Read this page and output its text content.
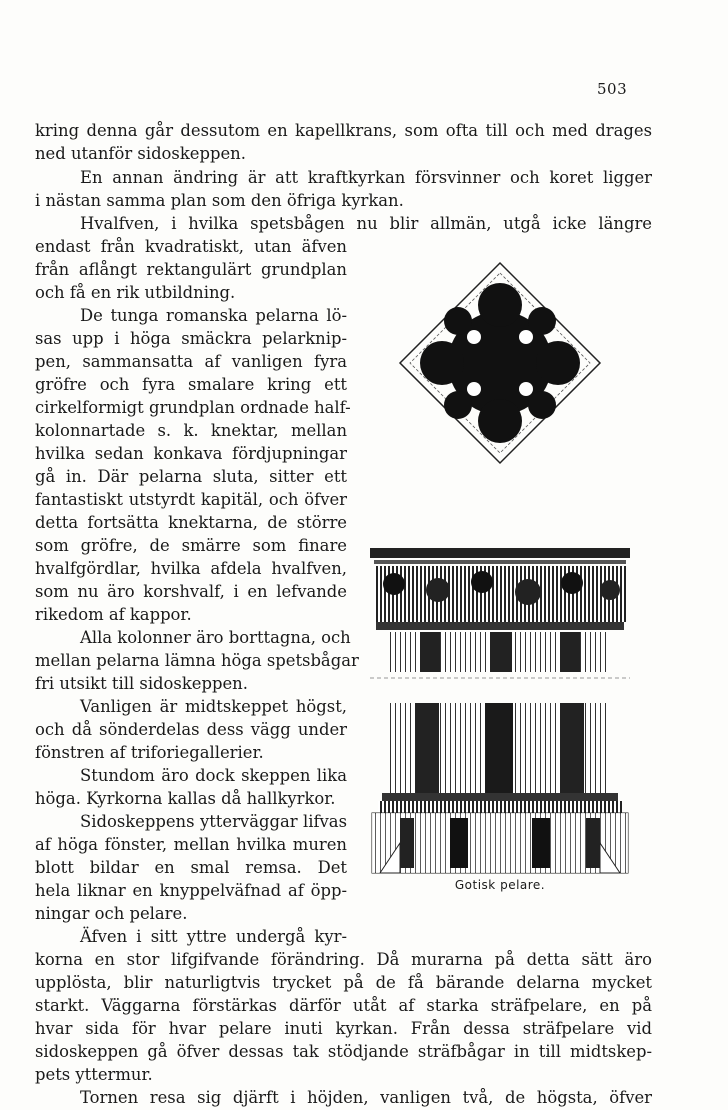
503
kring denna går dessutom en kapellkrans, som ofta till och med drages
ned utanför sidoskeppen.
En annan ändring är att kraftkyrkan försvinner och koret ligger
i nästan samma plan som den öfriga kyrkan.
Hvalfven, i hvilka spetsbågen nu blir allmän, utgå icke längre
endast från kvadratiskt, utan äfven
från aflångt rektangulärt grundplan
och få en rik utbildning.
De tunga romanska pelarna lö-
sas upp i höga smäckra pelarknip-
pen, sammansatta af vanligen fyra
gröfre och fyra smalare kring ett
cirkelformigt grundplan ordnade half-
kolonnartade s. k. knektar, mellan
hvilka sedan konkava fördjupningar
gå in. Där pelarna sluta, sitter ett
fantastiskt utstyrdt kapitäl, och öfver
detta fortsätta knektarna, de större
som gröfre, de smärre som finare
hvalfgördlar, hvilka afdela hvalfven,
som nu äro korshvalf, i en lefvande
rikedom af kappor.
Alla kolonner äro borttagna, och
mellan pelarna lämna höga spetsbågar
fri utsikt till sidoskeppen.
Vanligen är midtskeppet högst,
och då sönderdelas dess vägg under
fönstren af triforiegallerier.
Stundom äro dock skeppen lika
höga. Kyrkorna kallas då hallkyrkor.
Sidoskeppens ytterväggar lifvas
af höga fönster, mellan hvilka muren
blott bildar en smal remsa. Det
hela liknar en knyppelväfnad af öpp-
ningar och pelare.
Äfven i sitt yttre undergå kyr-
korna en stor lifgifvande förändring. Då murarna på detta sätt äro
upplösta, blir naturligtvis trycket på de få bärande delarna mycket
starkt. Väggarna förstärkas därför utåt af starka sträfpelare, en på
hvar sida för hvar pelare inuti kyrkan. Från dessa sträfpelare vid
sidoskeppen gå öfver dessas tak stödjande sträfbågar in till midtskep-
pets yttermur.
Tornen resa sig djärft i höjden, vanligen två, de högsta, öfver
Gotisk pelare.
